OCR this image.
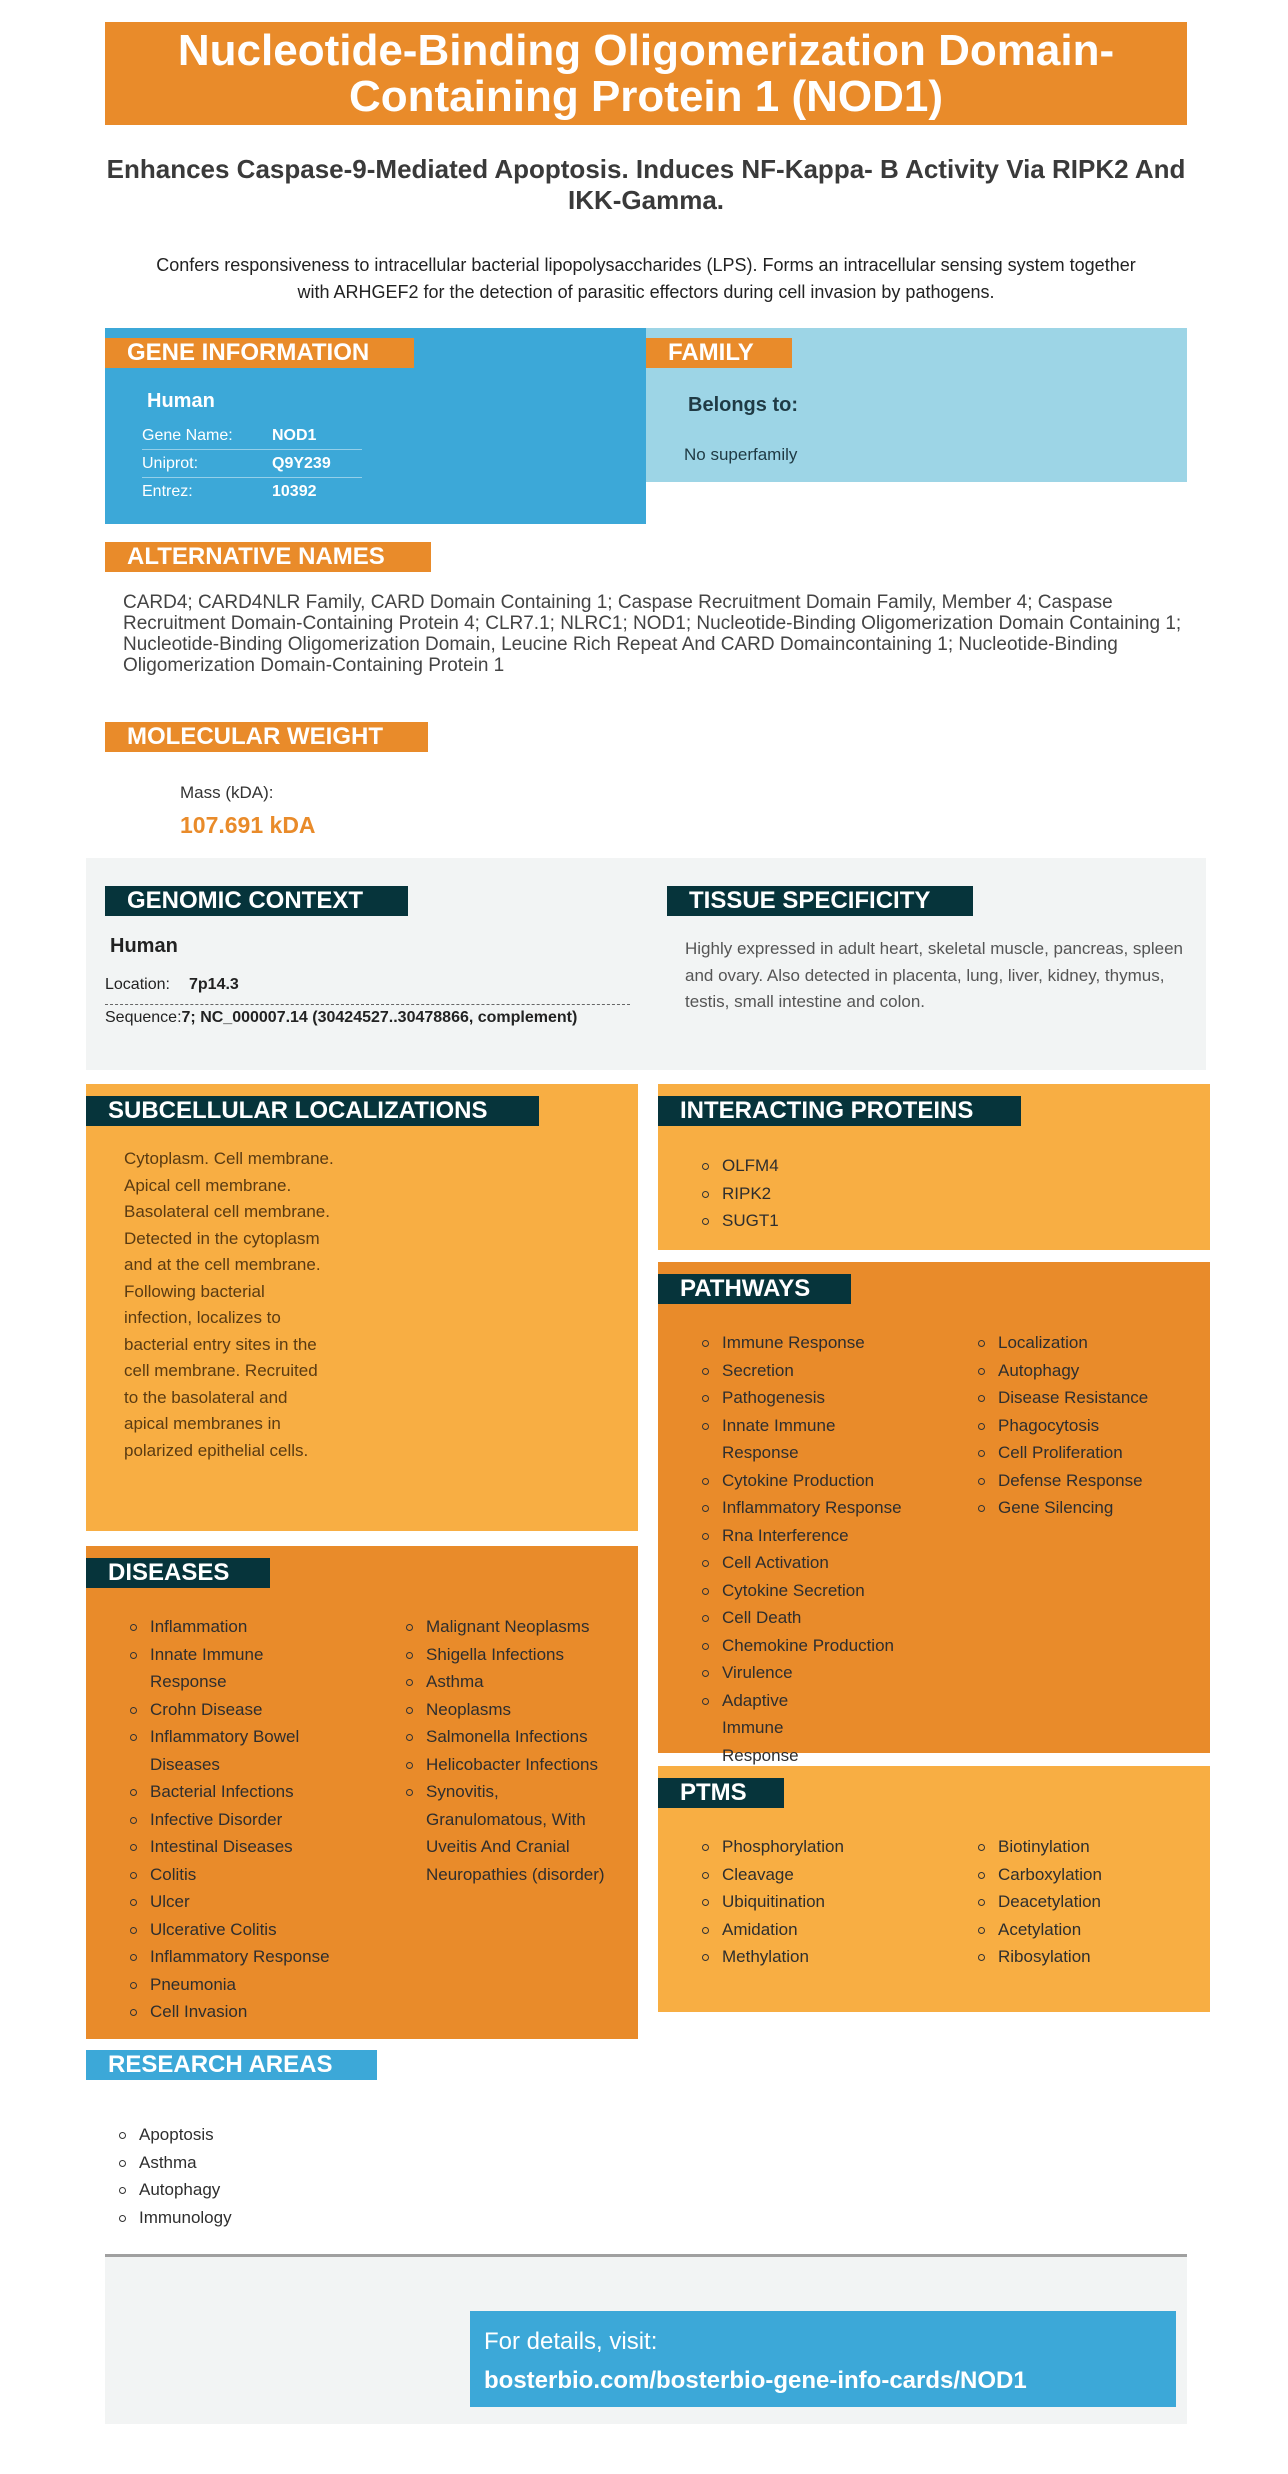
Nucleotide-Binding Oligomerization Domain-Containing Protein 1 (NOD1)
Enhances Caspase-9-Mediated Apoptosis. Induces NF-Kappa- B Activity Via RIPK2 And IKK-Gamma.
Confers responsiveness to intracellular bacterial lipopolysaccharides (LPS). Forms an intracellular sensing system together with ARHGEF2 for the detection of parasitic effectors during cell invasion by pathogens.
GENE INFORMATION
Human
Gene Name:	NOD1
Uniprot:	Q9Y239
Entrez:	10392
FAMILY
Belongs to:
No superfamily
ALTERNATIVE NAMES
CARD4; CARD4NLR Family, CARD Domain Containing 1; Caspase Recruitment Domain Family, Member 4; Caspase Recruitment Domain-Containing Protein 4; CLR7.1; NLRC1; NOD1; Nucleotide-Binding Oligomerization Domain Containing 1; Nucleotide-Binding Oligomerization Domain, Leucine Rich Repeat And CARD Domaincontaining 1; Nucleotide-Binding Oligomerization Domain-Containing Protein 1
MOLECULAR WEIGHT
Mass (kDA):
107.691 kDA
GENOMIC CONTEXT
Human
Location: 7p14.3
Sequence:7; NC_000007.14 (30424527..30478866, complement)
TISSUE SPECIFICITY
Highly expressed in adult heart, skeletal muscle, pancreas, spleen and ovary. Also detected in placenta, lung, liver, kidney, thymus, testis, small intestine and colon.
SUBCELLULAR LOCALIZATIONS
Cytoplasm. Cell membrane. Apical cell membrane. Basolateral cell membrane. Detected in the cytoplasm and at the cell membrane. Following bacterial infection, localizes to bacterial entry sites in the cell membrane. Recruited to the basolateral and apical membranes in polarized epithelial cells.
INTERACTING PROTEINS
OLFM4
RIPK2
SUGT1
PATHWAYS
Immune Response
Secretion
Pathogenesis
Innate Immune Response
Cytokine Production
Inflammatory Response
Rna Interference
Cell Activation
Cytokine Secretion
Cell Death
Chemokine Production
Virulence
Adaptive Immune Response
Localization
Autophagy
Disease Resistance
Phagocytosis
Cell Proliferation
Defense Response
Gene Silencing
DISEASES
Inflammation
Innate Immune Response
Crohn Disease
Inflammatory Bowel Diseases
Bacterial Infections
Infective Disorder
Intestinal Diseases
Colitis
Ulcer
Ulcerative Colitis
Inflammatory Response
Pneumonia
Cell Invasion
Malignant Neoplasms
Shigella Infections
Asthma
Neoplasms
Salmonella Infections
Helicobacter Infections
Synovitis, Granulomatous, With Uveitis And Cranial Neuropathies (disorder)
PTMS
Phosphorylation
Cleavage
Ubiquitination
Amidation
Methylation
Biotinylation
Carboxylation
Deacetylation
Acetylation
Ribosylation
RESEARCH AREAS
Apoptosis
Asthma
Autophagy
Immunology
For details, visit:
bosterbio.com/bosterbio-gene-info-cards/NOD1
